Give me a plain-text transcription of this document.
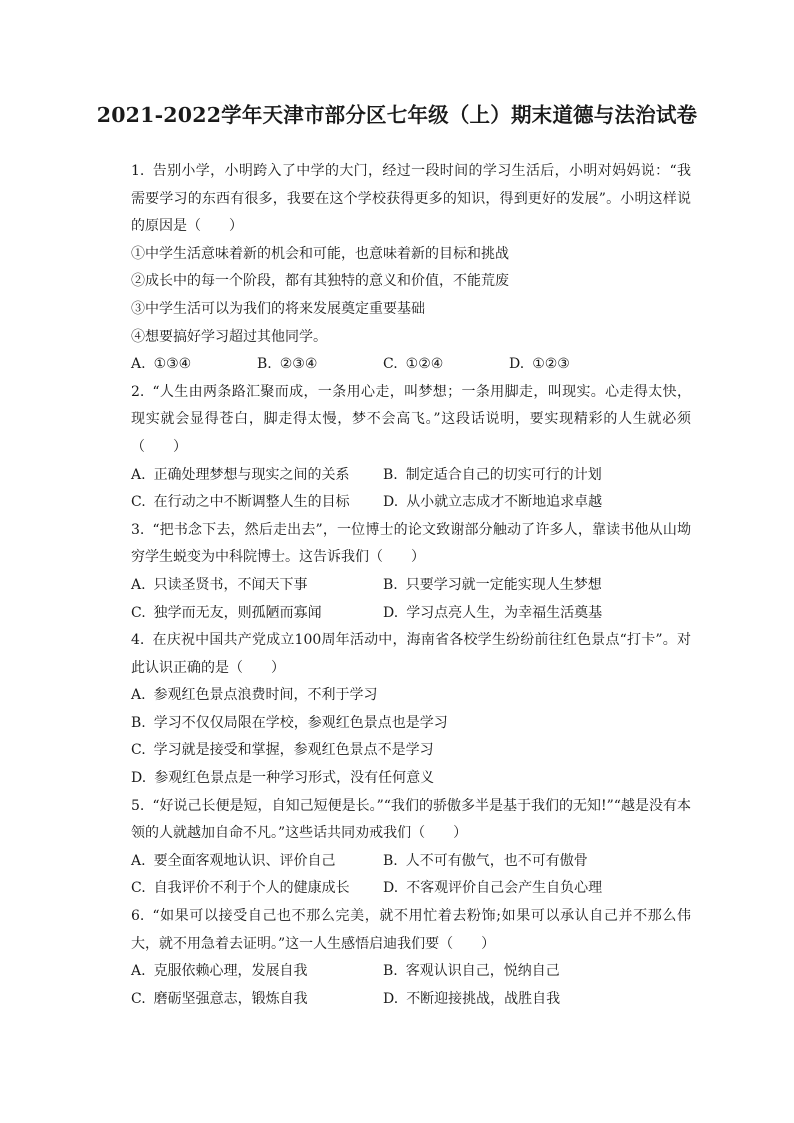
2021-2022学年天津市部分区七年级（上）期末道德与法治试卷

1. 告别小学，小明跨入了中学的大门，经过一段时间的学习生活后，小明对妈妈说：“我需要学习的东西有很多，我要在这个学校获得更多的知识，得到更好的发展”。小明这样说的原因是（　　）

①中学生活意味着新的机会和可能，也意味着新的目标和挑战

②成长中的每一个阶段，都有其独特的意义和价值，不能荒废

③中学生活可以为我们的将来发展奠定重要基础

④想要搞好学习超过其他同学。

A. ①③④	B. ②③④	C. ①②④	D. ①②③

2. “人生由两条路汇聚而成，一条用心走，叫梦想；一条用脚走，叫现实。心走得太快，现实就会显得苍白，脚走得太慢，梦不会高飞。”这段话说明，要实现精彩的人生就必须（　　）

A. 正确处理梦想与现实之间的关系	B. 制定适合自己的切实可行的计划
C. 在行动之中不断调整人生的目标	D. 从小就立志成才不断地追求卓越

3. “把书念下去，然后走出去”，一位博士的论文致谢部分触动了许多人，靠读书他从山坳穷学生蜕变为中科院博士。这告诉我们（　　）

A. 只读圣贤书，不闻天下事	B. 只要学习就一定能实现人生梦想
C. 独学而无友，则孤陋而寡闻	D. 学习点亮人生，为幸福生活奠基

4. 在庆祝中国共产党成立100周年活动中，海南省各校学生纷纷前往红色景点“打卡”。对此认识正确的是（　　）

A. 参观红色景点浪费时间，不利于学习

B. 学习不仅仅局限在学校，参观红色景点也是学习

C. 学习就是接受和掌握，参观红色景点不是学习

D. 参观红色景点是一种学习形式，没有任何意义

5. “好说己长便是短，自知己短便是长。”“我们的骄傲多半是基于我们的无知!”“越是没有本领的人就越加自命不凡。”这些话共同劝戒我们（　　）

A. 要全面客观地认识、评价自己	B. 人不可有傲气，也不可有傲骨
C. 自我评价不利于个人的健康成长	D. 不客观评价自己会产生自负心理

6. “如果可以接受自己也不那么完美，就不用忙着去粉饰;如果可以承认自己并不那么伟大，就不用急着去证明。”这一人生感悟启迪我们要（　　）

A. 克服依赖心理，发展自我	B. 客观认识自己，悦纳自己
C. 磨砺坚强意志，锻炼自我	D. 不断迎接挑战，战胜自我
